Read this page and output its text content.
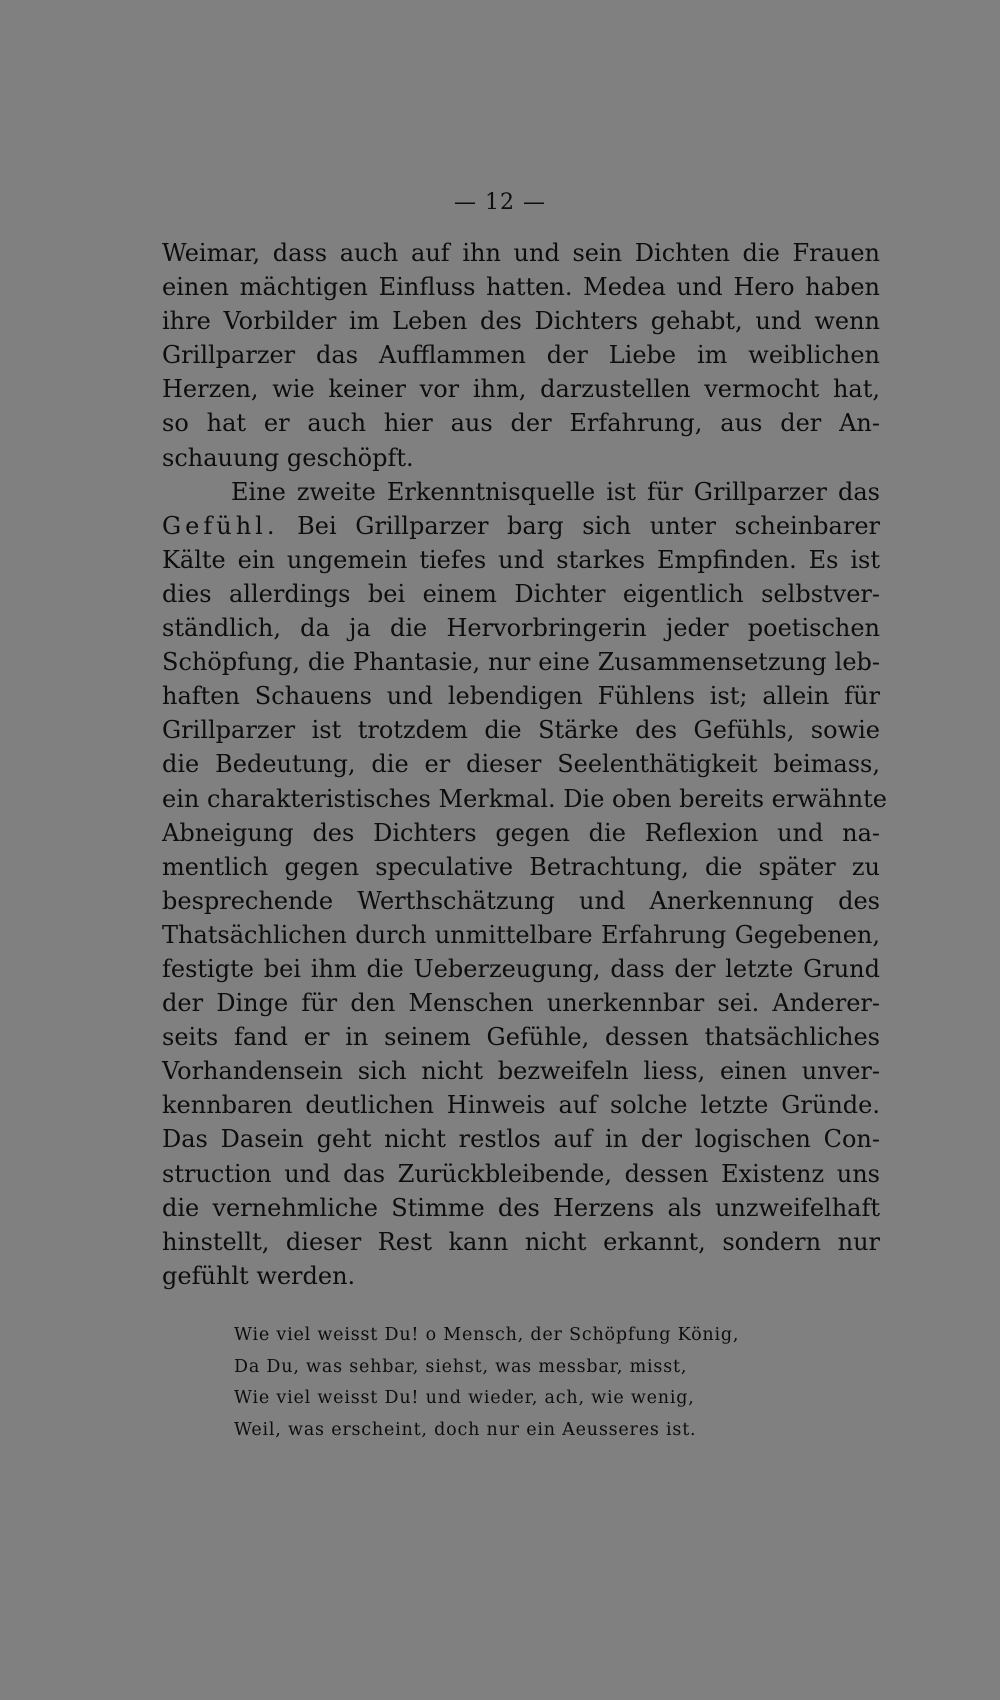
— 12 —
Weimar, dass auch auf ihn und sein Dichten die Frauen
einen mächtigen Einfluss hatten. Medea und Hero haben
ihre Vorbilder im Leben des Dichters gehabt, und wenn
Grillparzer das Aufflammen der Liebe im weiblichen
Herzen, wie keiner vor ihm, darzustellen vermocht hat,
so hat er auch hier aus der Erfahrung, aus der An-
schauung geschöpft.
Eine zweite Erkenntnisquelle ist für Grillparzer das
Gefühl. Bei Grillparzer barg sich unter scheinbarer
Kälte ein ungemein tiefes und starkes Empfinden. Es ist
dies allerdings bei einem Dichter eigentlich selbstver-
ständlich, da ja die Hervorbringerin jeder poetischen
Schöpfung, die Phantasie, nur eine Zusammensetzung leb-
haften Schauens und lebendigen Fühlens ist; allein für
Grillparzer ist trotzdem die Stärke des Gefühls, sowie
die Bedeutung, die er dieser Seelenthätigkeit beimass,
ein charakteristisches Merkmal. Die oben bereits erwähnte
Abneigung des Dichters gegen die Reflexion und na-
mentlich gegen speculative Betrachtung, die später zu
besprechende Werthschätzung und Anerkennung des
Thatsächlichen durch unmittelbare Erfahrung Gegebenen,
festigte bei ihm die Ueberzeugung, dass der letzte Grund
der Dinge für den Menschen unerkennbar sei. Anderer-
seits fand er in seinem Gefühle, dessen thatsächliches
Vorhandensein sich nicht bezweifeln liess, einen unver-
kennbaren deutlichen Hinweis auf solche letzte Gründe.
Das Dasein geht nicht restlos auf in der logischen Con-
struction und das Zurückbleibende, dessen Existenz uns
die vernehmliche Stimme des Herzens als unzweifelhaft
hinstellt, dieser Rest kann nicht erkannt, sondern nur
gefühlt werden.
Wie viel weisst Du! o Mensch, der Schöpfung König,
Da Du, was sehbar, siehst, was messbar, misst,
Wie viel weisst Du! und wieder, ach, wie wenig,
Weil, was erscheint, doch nur ein Aeusseres ist.
